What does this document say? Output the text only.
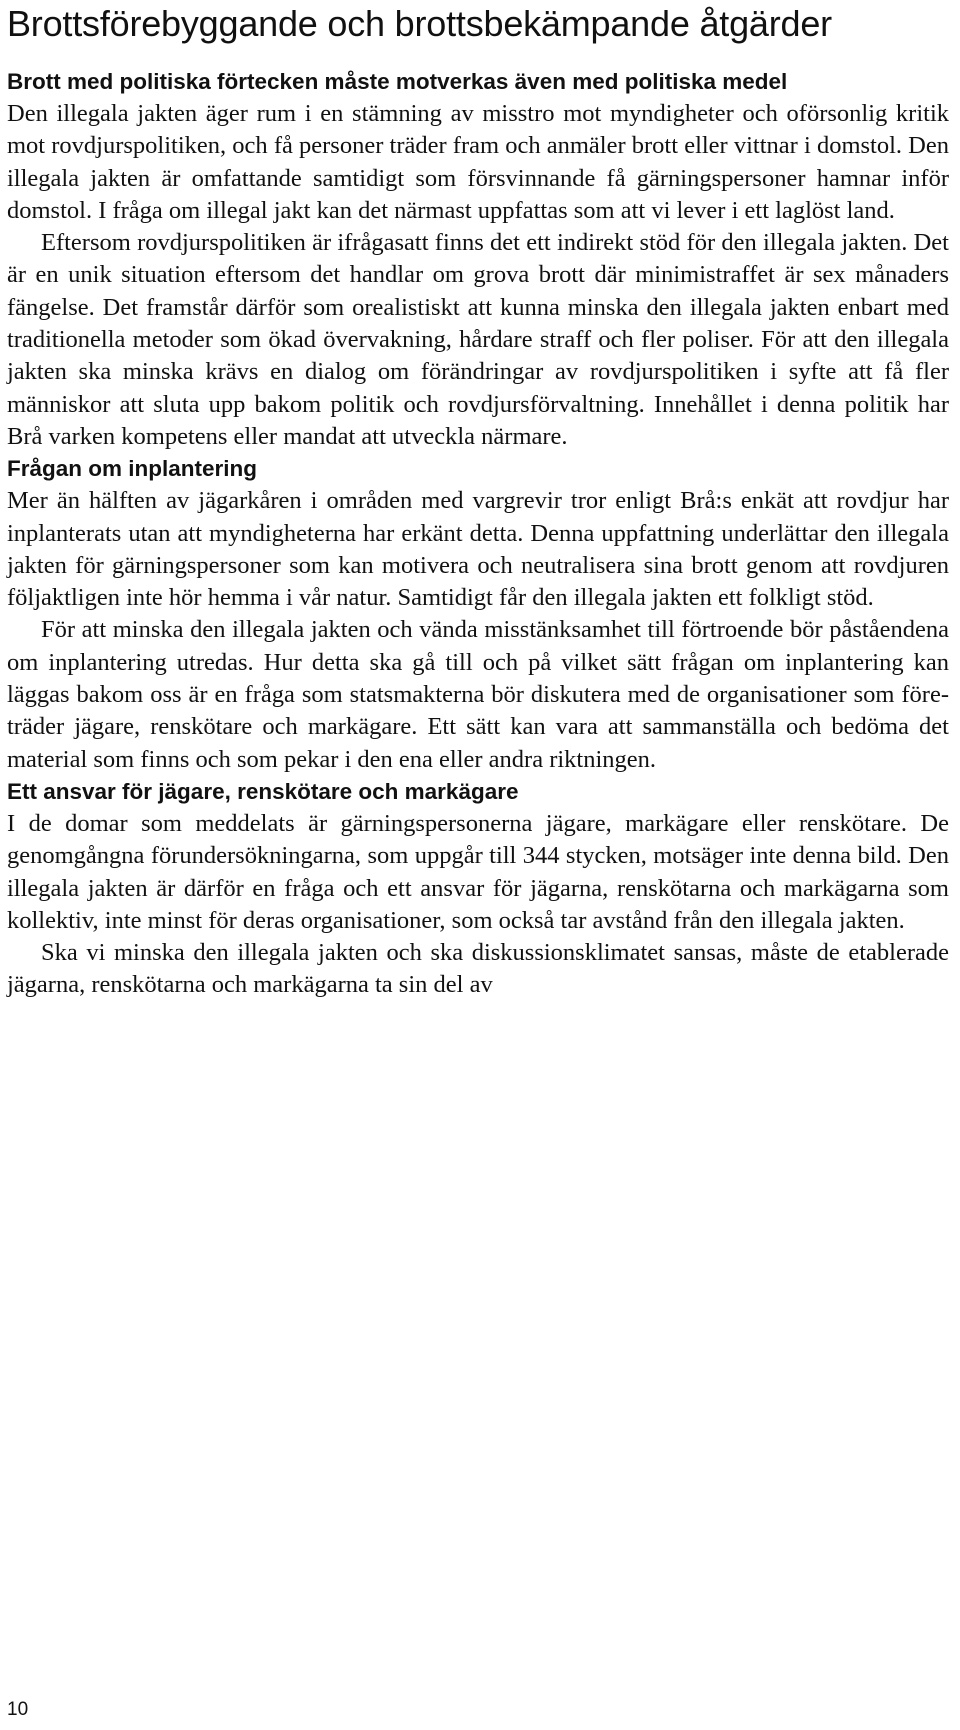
Brottsförebyggande och brottsbekämpande åtgärder
Brott med politiska förtecken måste motverkas även med politiska medel

Den illegala jakten äger rum i en stämning av misstro mot myndigheter och oförsonlig kritik mot rovdjurspolitiken, och få personer träder fram och anmäler brott eller vittnar i domstol. Den illegala jakten är omfattande samtidigt som försvinnande få gärningspersoner hamnar inför domstol. I fråga om illegal jakt kan det närmast uppfattas som att vi lever i ett laglöst land.

Eftersom rovdjurspolitiken är ifrågasatt finns det ett indirekt stöd för den illegala jakten. Det är en unik situation eftersom det handlar om grova brott där minimistraffet är sex månaders fängelse. Det framstår därför som orealistiskt att kunna minska den illegala jakten enbart med traditionella metoder som ökad övervakning, hårdare straff och fler poliser. För att den illegala jakten ska minska krävs en dialog om förändringar av rovdjurspolitiken i syfte att få fler människor att sluta upp bakom politik och rovdjursförvaltning. Innehållet i denna politik har Brå varken kompetens eller mandat att utveckla närmare.

Frågan om inplantering

Mer än hälften av jägarkåren i områden med vargrevir tror enligt Brå:s enkät att rovdjur har inplanterats utan att myndigheterna har erkänt detta. Denna uppfattning underlättar den illegala jakten för gärningspersoner som kan motivera och neutralisera sina brott genom att rovdjuren följaktligen inte hör hemma i vår natur. Samtidigt får den illegala jakten ett folkligt stöd.

För att minska den illegala jakten och vända misstänksamhet till förtroende bör påståendena om inplantering utredas. Hur detta ska gå till och på vilket sätt frågan om inplantering kan läggas bakom oss är en fråga som statsmakterna bör diskutera med de organisationer som företräder jägare, renskötare och markägare. Ett sätt kan vara att sammanställa och bedöma det material som finns och som pekar i den ena eller andra riktningen.

Ett ansvar för jägare, renskötare och markägare

I de domar som meddelats är gärningspersonerna jägare, markägare eller renskötare. De genomgångna förundersökningarna, som uppgår till 344 stycken, motsäger inte denna bild. Den illegala jakten är därför en fråga och ett ansvar för jägarna, renskötarna och markägarna som kollektiv, inte minst för deras organisationer, som också tar avstånd från den illegala jakten.

Ska vi minska den illegala jakten och ska diskussionsklimatet sansas, måste de etablerade jägarna, renskötarna och markägarna ta sin del av

10
